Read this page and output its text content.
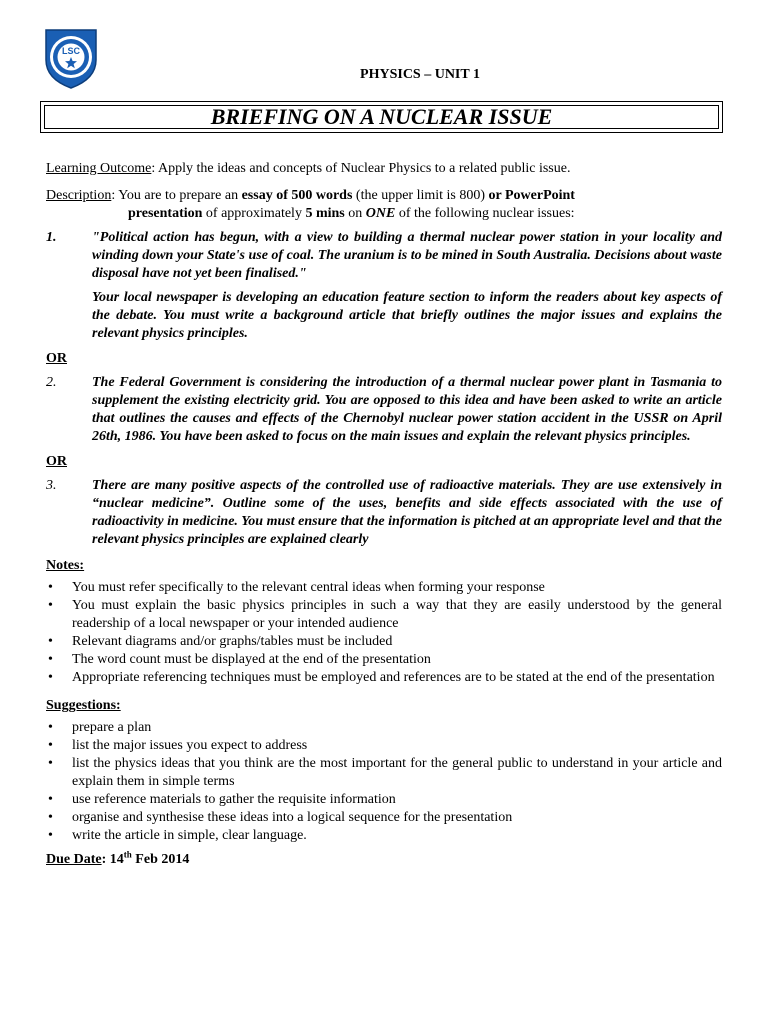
LSC
PHYSICS – UNIT 1
BRIEFING ON A NUCLEAR ISSUE

Learning Outcome: Apply the ideas and concepts of Nuclear Physics to a related public issue.

Description: You are to prepare an essay of 500 words (the upper limit is 800) or PowerPoint

presentation of approximately 5 mins on ONE of the following nuclear issues:

1.	"Political action has begun, with a view to building a thermal nuclear power station in your locality and winding down your State's use of coal. The uranium is to be mined in South Australia. Decisions about waste disposal have not yet been finalised."

Your local newspaper is developing an education feature section to inform the readers about key aspects of the debate. You must write a background article that briefly outlines the major issues and explains the relevant physics principles.

OR
2.	The Federal Government is considering the introduction of a thermal nuclear power plant in Tasmania to supplement the existing electricity grid. You are opposed to this idea and have been asked to write an article that outlines the causes and effects of the Chernobyl nuclear power station accident in the USSR on April 26th, 1986. You have been asked to focus on the main issues and explain the relevant physics principles.

OR
3.	There are many positive aspects of the controlled use of radioactive materials. They are use extensively in “nuclear medicine”. Outline some of the uses, benefits and side effects associated with the use of radioactivity in medicine. You must ensure that the information is pitched at an appropriate level and that the relevant physics principles are explained clearly

Notes:
•	You must refer specifically to the relevant central ideas when forming your response
•	You must explain the basic physics principles in such a way that they are easily understood by the general readership of a local newspaper or your intended audience
•	Relevant diagrams and/or graphs/tables must be included
•	The word count must be displayed at the end of the presentation
•	Appropriate referencing techniques must be employed and references are to be stated at the end of the presentation
Suggestions:
•	prepare a plan
•	list the major issues you expect to address
•	list the physics ideas that you think are the most important for the general public to understand in your article and explain them in simple terms
•	use reference materials to gather the requisite information
•	organise and synthesise these ideas into a logical sequence for the presentation
•	write the article in simple, clear language.

Due Date: 14th Feb 2014
